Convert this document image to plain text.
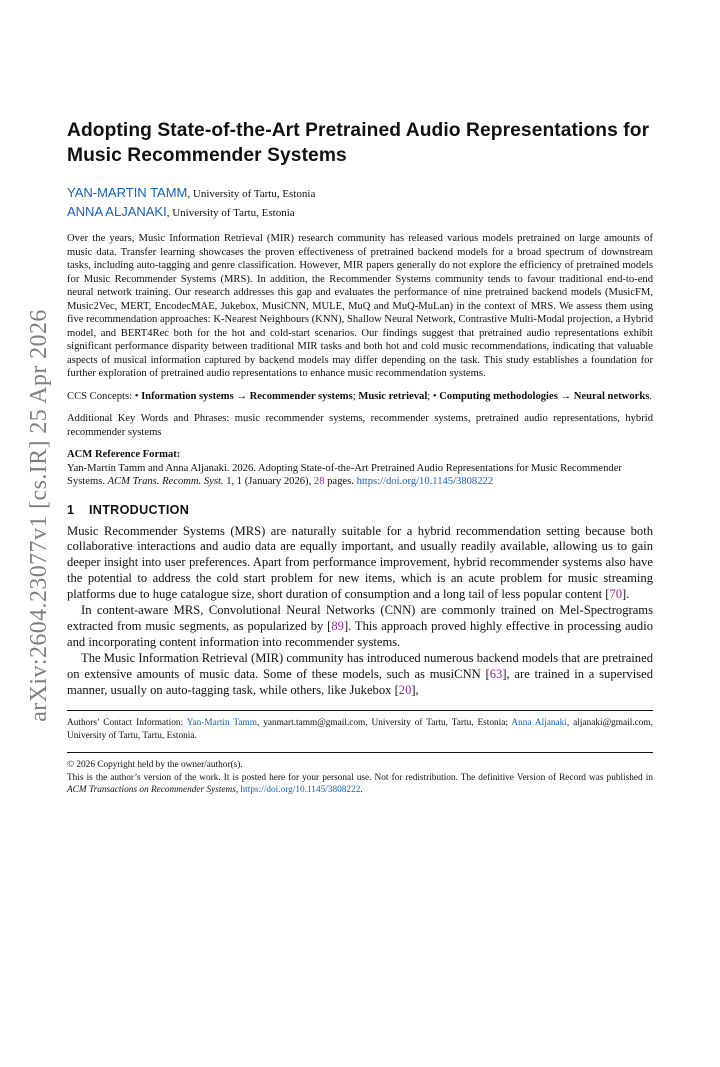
arXiv:2604.23077v1 [cs.IR] 25 Apr 2026
Adopting State-of-the-Art Pretrained Audio Representations for Music Recommender Systems

YAN-MARTIN TAMM, University of Tartu, Estonia

ANNA ALJANAKI, University of Tartu, Estonia

Over the years, Music Information Retrieval (MIR) research community has released various models pretrained on large amounts of music data. Transfer learning showcases the proven effectiveness of pretrained backend models for a broad spectrum of downstream tasks, including auto-tagging and genre classification. However, MIR papers generally do not explore the efficiency of pretrained models for Music Recommender Systems (MRS). In addition, the Recommender Systems community tends to favour traditional end-to-end neural network training. Our research addresses this gap and evaluates the performance of nine pretrained backend models (MusicFM, Music2Vec, MERT, EncodecMAE, Jukebox, MusiCNN, MULE, MuQ and MuQ-MuLan) in the context of MRS. We assess them using five recommendation approaches: K-Nearest Neighbours (KNN), Shallow Neural Network, Contrastive Multi-Modal projection, a Hybrid model, and BERT4Rec both for the hot and cold-start scenarios. Our findings suggest that pretrained audio representations exhibit significant performance disparity between traditional MIR tasks and both hot and cold music recommendations, indicating that valuable aspects of musical information captured by backend models may differ depending on the task. This study establishes a foundation for further exploration of pretrained audio representations to enhance music recommendation systems.

CCS Concepts: • Information systems → Recommender systems; Music retrieval; • Computing methodologies → Neural networks.

Additional Key Words and Phrases: music recommender systems, recommender systems, pretrained audio representations, hybrid recommender systems

ACM Reference Format:

Yan-Martin Tamm and Anna Aljanaki. 2026. Adopting State-of-the-Art Pretrained Audio Representations for Music Recommender Systems. ACM Trans. Recomm. Syst. 1, 1 (January 2026), 28 pages. https://doi.org/10.1145/3808222

1 INTRODUCTION

Music Recommender Systems (MRS) are naturally suitable for a hybrid recommendation setting because both collaborative interactions and audio data are equally important, and usually readily available, allowing us to gain deeper insight into user preferences. Apart from performance improvement, hybrid recommender systems also have the potential to address the cold start problem for new items, which is an acute problem for music streaming platforms due to huge catalogue size, short duration of consumption and a long tail of less popular content [70].

In content-aware MRS, Convolutional Neural Networks (CNN) are commonly trained on Mel-Spectrograms extracted from music segments, as popularized by [89]. This approach proved highly effective in processing audio and incorporating content information into recommender systems.

The Music Information Retrieval (MIR) community has introduced numerous backend models that are pretrained on extensive amounts of music data. Some of these models, such as musiCNN [63], are trained in a supervised manner, usually on auto-tagging task, while others, like Jukebox [20],

Authors’ Contact Information: Yan-Martin Tamm, yanmart.tamm@gmail.com, University of Tartu, Tartu, Estonia; Anna Aljanaki, aljanaki@gmail.com, University of Tartu, Tartu, Estonia.

© 2026 Copyright held by the owner/author(s).

This is the author’s version of the work. It is posted here for your personal use. Not for redistribution. The definitive Version of Record was published in ACM Transactions on Recommender Systems, https://doi.org/10.1145/3808222.
